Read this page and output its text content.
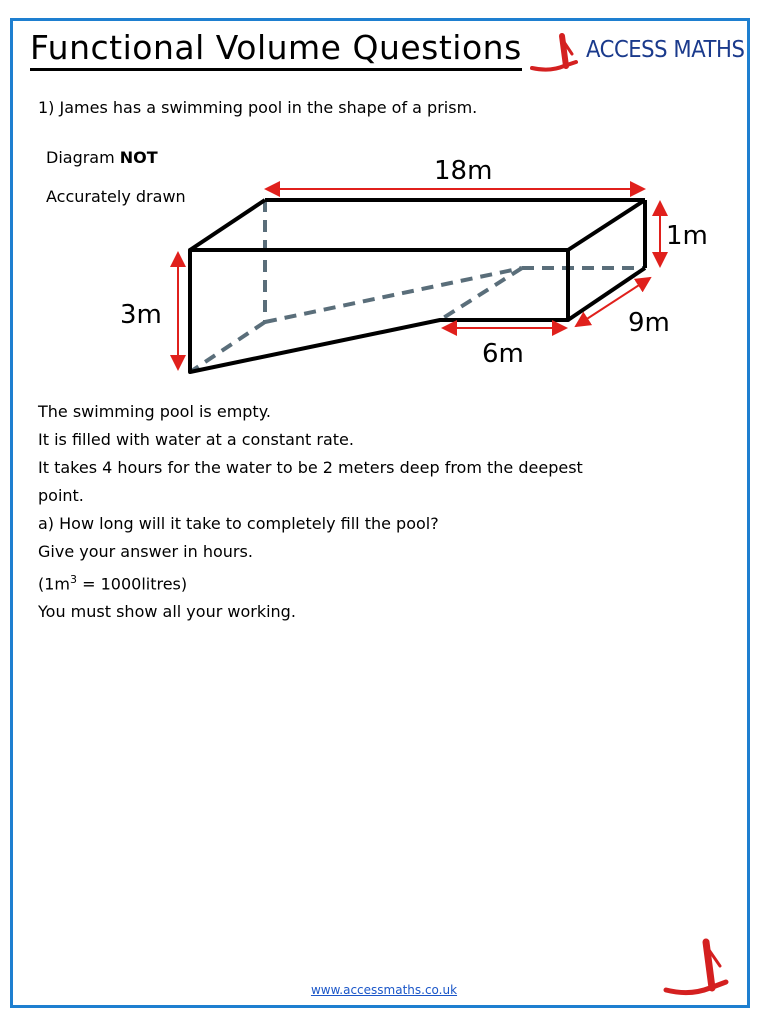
Functional Volume Questions	ACCESS MATHS
1) James has a swimming pool in the shape of a prism.
Diagram NOT
Accurately drawn
18m
1m
3m	9m
6m

The swimming pool is empty.

It is filled with water at a constant rate.

It takes 4 hours for the water to be 2 meters deep from the deepest

point.

a) How long will it take to completely fill the pool?

Give your answer in hours.

($1m^3$ = 1000litres)

You must show all your working.

www.accessmaths.co.uk
